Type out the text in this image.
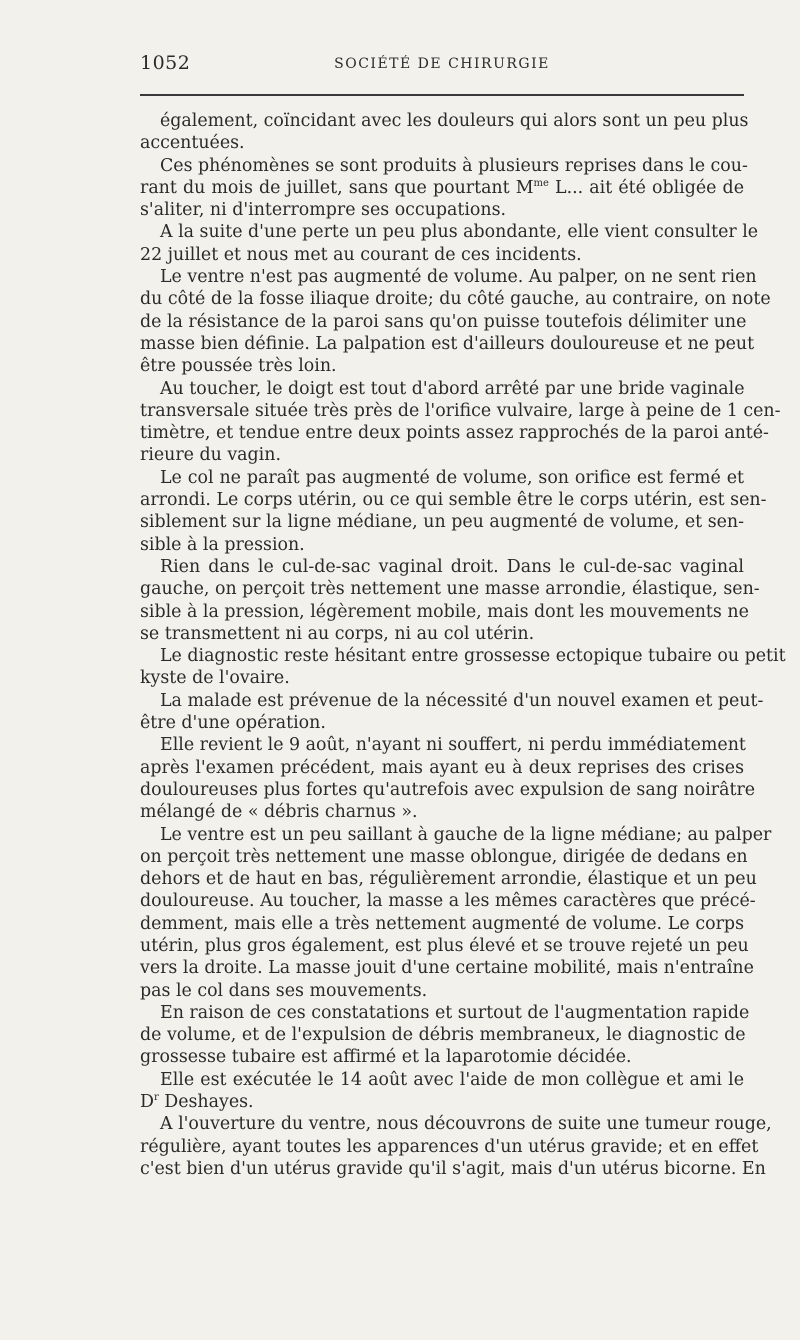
1052	SOCIÉTÉ DE CHIRURGIE
également, coïncidant avec les douleurs qui alors sont un peu plus
accentuées.
Ces phénomènes se sont produits à plusieurs reprises dans le cou-
rant du mois de juillet, sans que pourtant $M^{me}$ L... ait été obligée de
s'aliter, ni d'interrompre ses occupations.
A la suite d'une perte un peu plus abondante, elle vient consulter le
22 juillet et nous met au courant de ces incidents.
Le ventre n'est pas augmenté de volume. Au palper, on ne sent rien
du côté de la fosse iliaque droite; du côté gauche, au contraire, on note
de la résistance de la paroi sans qu'on puisse toutefois délimiter une
masse bien définie. La palpation est d'ailleurs douloureuse et ne peut
être poussée très loin.
Au toucher, le doigt est tout d'abord arrêté par une bride vaginale
transversale située très près de l'orifice vulvaire, large à peine de 1 cen-
timètre, et tendue entre deux points assez rapprochés de la paroi anté-
rieure du vagin.
Le col ne paraît pas augmenté de volume, son orifice est fermé et
arrondi. Le corps utérin, ou ce qui semble être le corps utérin, est sen-
siblement sur la ligne médiane, un peu augmenté de volume, et sen-
sible à la pression.
Rien dans le cul-de-sac vaginal droit. Dans le cul-de-sac vaginal
gauche, on perçoit très nettement une masse arrondie, élastique, sen-
sible à la pression, légèrement mobile, mais dont les mouvements ne
se transmettent ni au corps, ni au col utérin.
Le diagnostic reste hésitant entre grossesse ectopique tubaire ou petit
kyste de l'ovaire.
La malade est prévenue de la nécessité d'un nouvel examen et peut-
être d'une opération.
Elle revient le 9 août, n'ayant ni souffert, ni perdu immédiatement
après l'examen précédent, mais ayant eu à deux reprises des crises
douloureuses plus fortes qu'autrefois avec expulsion de sang noirâtre
mélangé de « débris charnus ».
Le ventre est un peu saillant à gauche de la ligne médiane; au palper
on perçoit très nettement une masse oblongue, dirigée de dedans en
dehors et de haut en bas, régulièrement arrondie, élastique et un peu
douloureuse. Au toucher, la masse a les mêmes caractères que précé-
demment, mais elle a très nettement augmenté de volume. Le corps
utérin, plus gros également, est plus élevé et se trouve rejeté un peu
vers la droite. La masse jouit d'une certaine mobilité, mais n'entraîne
pas le col dans ses mouvements.
En raison de ces constatations et surtout de l'augmentation rapide
de volume, et de l'expulsion de débris membraneux, le diagnostic de
grossesse tubaire est affirmé et la laparotomie décidée.
Elle est exécutée le 14 août avec l'aide de mon collègue et ami le
$D^r$ Deshayes.
A l'ouverture du ventre, nous découvrons de suite une tumeur rouge,
régulière, ayant toutes les apparences d'un utérus gravide; et en effet
c'est bien d'un utérus gravide qu'il s'agit, mais d'un utérus bicorne. En
